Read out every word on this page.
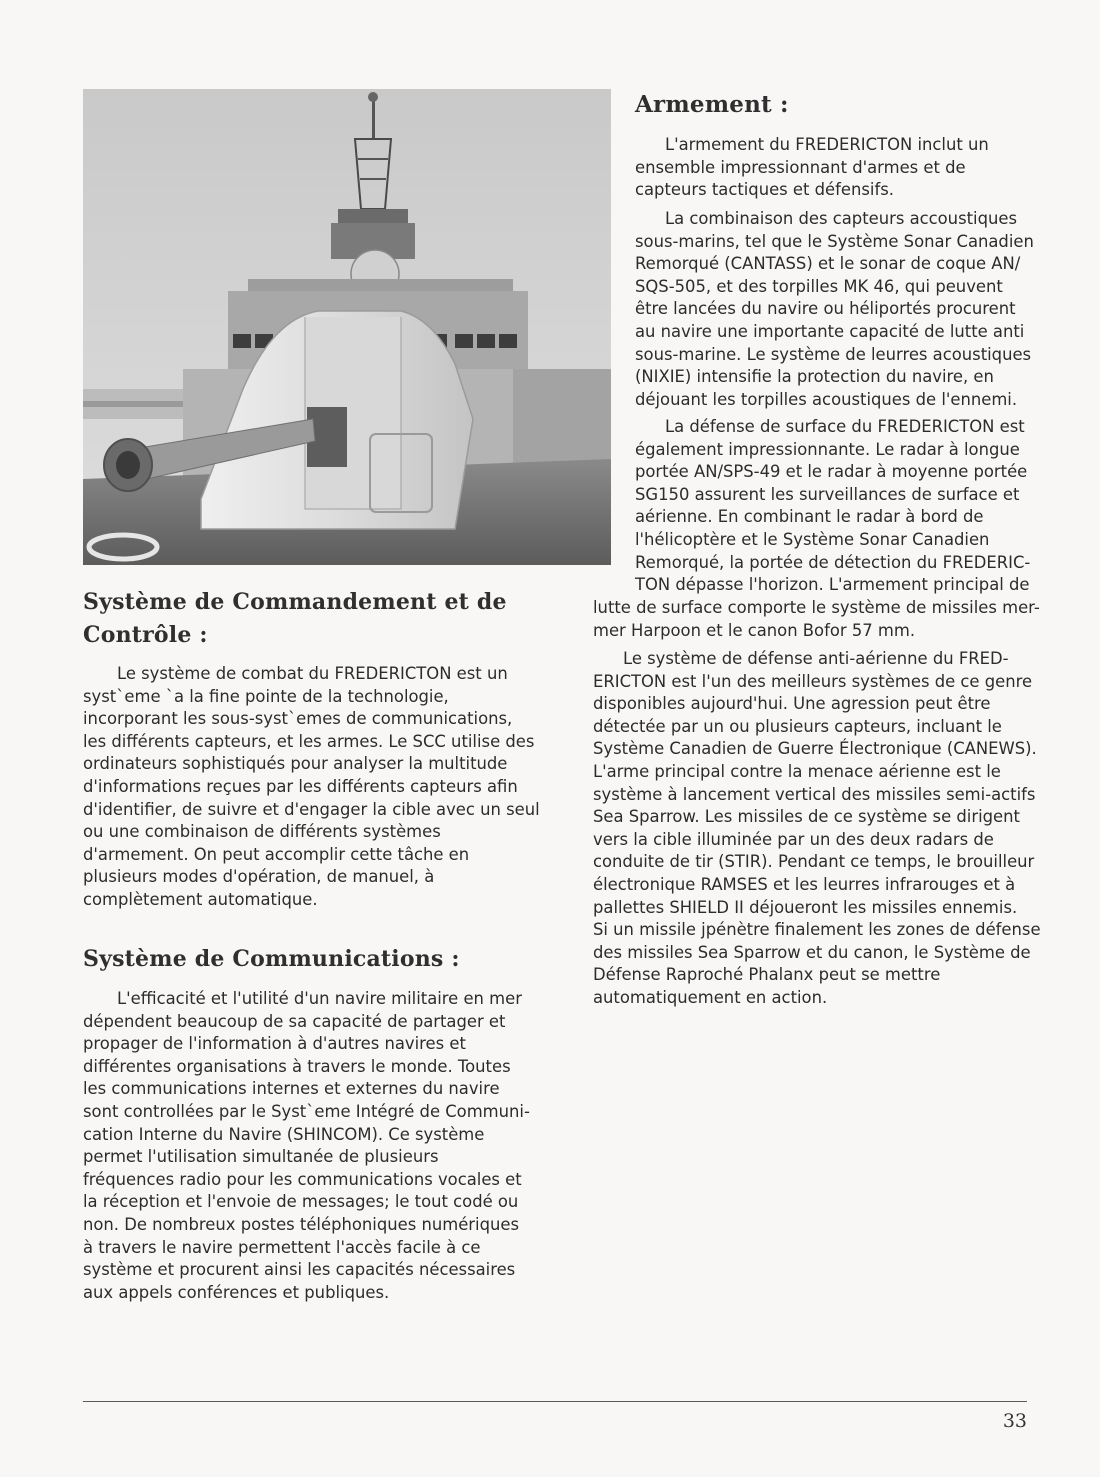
Armement :
L'armement du FREDERICTON inclut un
ensemble impressionnant d'armes et de
capteurs tactiques et défensifs.
La combinaison des capteurs accoustiques
sous-marins, tel que le Système Sonar Canadien
Remorqué (CANTASS) et le sonar de coque AN/
SQS-505, et des torpilles MK 46, qui peuvent
être lancées du navire ou héliportés procurent
au navire une importante capacité de lutte anti
sous-marine. Le système de leurres acoustiques
(NIXIE) intensifie la protection du navire, en
déjouant les torpilles acoustiques de l'ennemi.
La défense de surface du FREDERICTON est
également impressionnante. Le radar à longue
portée AN/SPS-49 et le radar à moyenne portée
SG150 assurent les surveillances de surface et
aérienne. En combinant le radar à bord de
l'hélicoptère et le Système Sonar Canadien
Remorqué, la portée de détection du FREDERIC-
TON dépasse l'horizon. L'armement principal de
lutte de surface comporte le système de missiles mer-
mer Harpoon et le canon Bofor 57 mm.
Le système de défense anti-aérienne du FRED-
ERICTON est l'un des meilleurs systèmes de ce genre
disponibles aujourd'hui. Une agression peut être
détectée par un ou plusieurs capteurs, incluant le
Système Canadien de Guerre Électronique (CANEWS).
L'arme principal contre la menace aérienne est le
système à lancement vertical des missiles semi-actifs
Sea Sparrow. Les missiles de ce système se dirigent
vers la cible illuminée par un des deux radars de
conduite de tir (STIR). Pendant ce temps, le brouilleur
électronique RAMSES et les leurres infrarouges et à
pallettes SHIELD II déjoueront les missiles ennemis.
Si un missile jpénètre finalement les zones de défense
des missiles Sea Sparrow et du canon, le Système de
Défense Raproché Phalanx peut se mettre
automatiquement en action.
Système de Commandement et de
Contrôle :
Le système de combat du FREDERICTON est un
syst`eme `a la fine pointe de la technologie,
incorporant les sous-syst`emes de communications,
les différents capteurs, et les armes. Le SCC utilise des
ordinateurs sophistiqués pour analyser la multitude
d'informations reçues par les différents capteurs afin
d'identifier, de suivre et d'engager la cible avec un seul
ou une combinaison de différents systèmes
d'armement. On peut accomplir cette tâche en
plusieurs modes d'opération, de manuel, à
complètement automatique.
Système de Communications :
L'efficacité et l'utilité d'un navire militaire en mer
dépendent beaucoup de sa capacité de partager et
propager de l'information à d'autres navires et
différentes organisations à travers le monde. Toutes
les communications internes et externes du navire
sont controllées par le Syst`eme Intégré de Communi-
cation Interne du Navire (SHINCOM). Ce système
permet l'utilisation simultanée de plusieurs
fréquences radio pour les communications vocales et
la réception et l'envoie de messages; le tout codé ou
non. De nombreux postes téléphoniques numériques
à travers le navire permettent l'accès facile à ce
système et procurent ainsi les capacités nécessaires
aux appels conférences et publiques.
33
